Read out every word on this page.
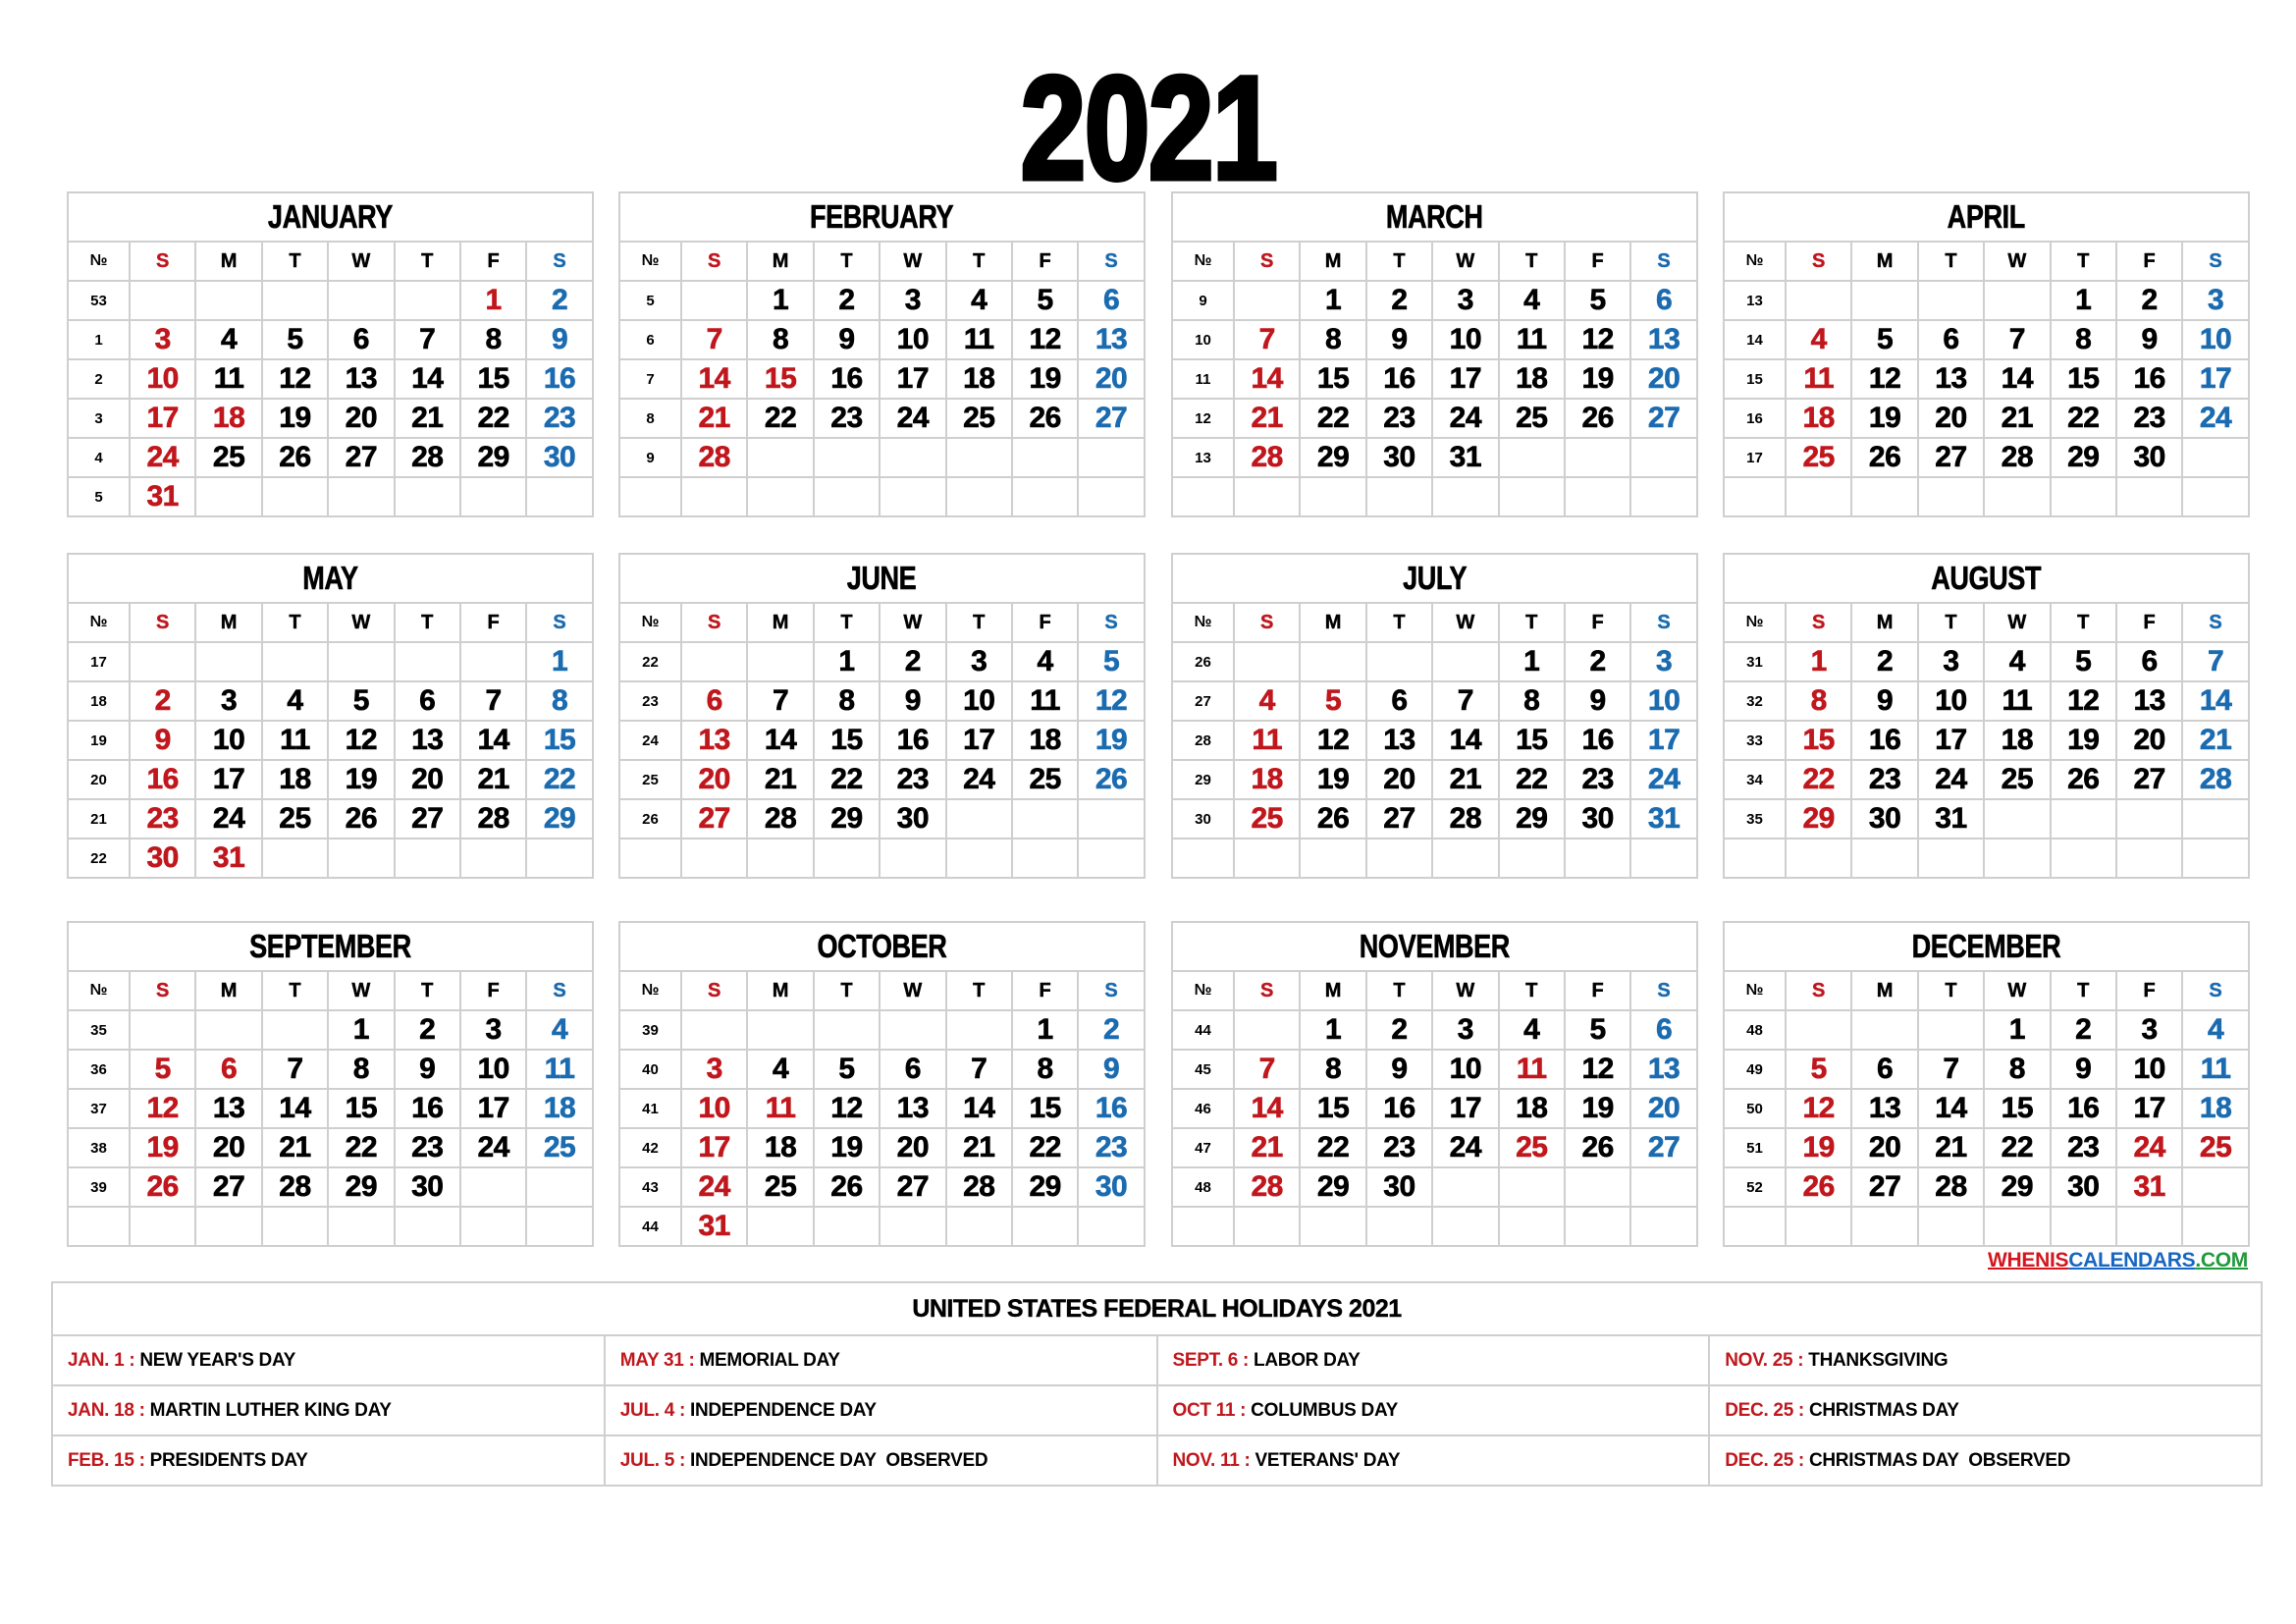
2021
JANUARY							
№	S	M	T	W	T	F	S
53						1	2
1	3	4	5	6	7	8	9
2	10	11	12	13	14	15	16
3	17	18	19	20	21	22	23
4	24	25	26	27	28	29	30
5	31						
FEBRUARY							
№	S	M	T	W	T	F	S
5		1	2	3	4	5	6
6	7	8	9	10	11	12	13
7	14	15	16	17	18	19	20
8	21	22	23	24	25	26	27
9	28						

MARCH							
№	S	M	T	W	T	F	S
9		1	2	3	4	5	6
10	7	8	9	10	11	12	13
11	14	15	16	17	18	19	20
12	21	22	23	24	25	26	27
13	28	29	30	31			

APRIL							
№	S	M	T	W	T	F	S
13					1	2	3
14	4	5	6	7	8	9	10
15	11	12	13	14	15	16	17
16	18	19	20	21	22	23	24
17	25	26	27	28	29	30	

MAY							
№	S	M	T	W	T	F	S
17							1
18	2	3	4	5	6	7	8
19	9	10	11	12	13	14	15
20	16	17	18	19	20	21	22
21	23	24	25	26	27	28	29
22	30	31					
JUNE							
№	S	M	T	W	T	F	S
22			1	2	3	4	5
23	6	7	8	9	10	11	12
24	13	14	15	16	17	18	19
25	20	21	22	23	24	25	26
26	27	28	29	30			

JULY							
№	S	M	T	W	T	F	S
26					1	2	3
27	4	5	6	7	8	9	10
28	11	12	13	14	15	16	17
29	18	19	20	21	22	23	24
30	25	26	27	28	29	30	31

AUGUST							
№	S	M	T	W	T	F	S
31	1	2	3	4	5	6	7
32	8	9	10	11	12	13	14
33	15	16	17	18	19	20	21
34	22	23	24	25	26	27	28
35	29	30	31				

SEPTEMBER							
№	S	M	T	W	T	F	S
35				1	2	3	4
36	5	6	7	8	9	10	11
37	12	13	14	15	16	17	18
38	19	20	21	22	23	24	25
39	26	27	28	29	30		

OCTOBER							
№	S	M	T	W	T	F	S
39						1	2
40	3	4	5	6	7	8	9
41	10	11	12	13	14	15	16
42	17	18	19	20	21	22	23
43	24	25	26	27	28	29	30
44	31						
NOVEMBER							
№	S	M	T	W	T	F	S
44		1	2	3	4	5	6
45	7	8	9	10	11	12	13
46	14	15	16	17	18	19	20
47	21	22	23	24	25	26	27
48	28	29	30				

DECEMBER							
№	S	M	T	W	T	F	S
48				1	2	3	4
49	5	6	7	8	9	10	11
50	12	13	14	15	16	17	18
51	19	20	21	22	23	24	25
52	26	27	28	29	30	31	

WHENISCALENDARS.COM
UNITED STATES FEDERAL HOLIDAYS 2021			
JAN. 1 : NEW YEAR'S DAY	MAY 31 : MEMORIAL DAY	SEPT. 6 : LABOR DAY	NOV. 25 : THANKSGIVING
JAN. 18 : MARTIN LUTHER KING DAY	JUL. 4 : INDEPENDENCE DAY	OCT 11 : COLUMBUS DAY	DEC. 25 : CHRISTMAS DAY
FEB. 15 : PRESIDENTS DAY	JUL. 5 : INDEPENDENCE DAY  OBSERVED	NOV. 11 : VETERANS' DAY	DEC. 25 : CHRISTMAS DAY  OBSERVED
